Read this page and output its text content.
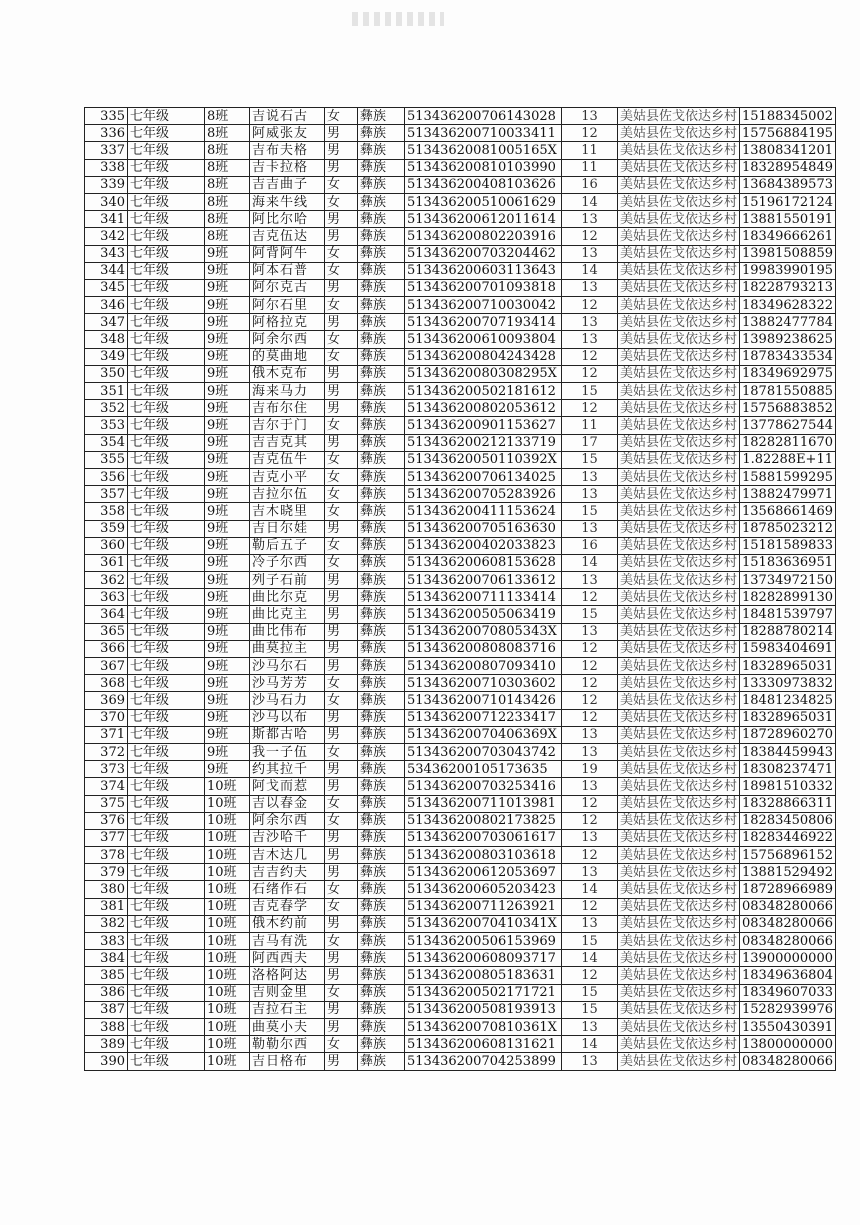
335	七年级	8班	吉说石古	女	彝族	513436200706143028	13	美姑县佐戈依达乡村	15188345002
336	七年级	8班	阿威张友	男	彝族	513436200710033411	12	美姑县佐戈依达乡村	15756884195
337	七年级	8班	吉布夫格	男	彝族	51343620081005165X	11	美姑县佐戈依达乡村	13808341201
338	七年级	8班	吉卡拉格	男	彝族	513436200810103990	11	美姑县佐戈依达乡村	18328954849
339	七年级	8班	吉吉曲子	女	彝族	513436200408103626	16	美姑县佐戈依达乡村	13684389573
340	七年级	8班	海来牛线	女	彝族	513436200510061629	14	美姑县佐戈依达乡村	15196172124
341	七年级	8班	阿比尔哈	男	彝族	513436200612011614	13	美姑县佐戈依达乡村	13881550191
342	七年级	8班	吉克伍达	男	彝族	513436200802203916	12	美姑县佐戈依达乡村	18349666261
343	七年级	9班	阿背阿牛	女	彝族	513436200703204462	13	美姑县佐戈依达乡村	13981508859
344	七年级	9班	阿本石普	女	彝族	513436200603113643	14	美姑县佐戈依达乡村	19983990195
345	七年级	9班	阿尔克古	男	彝族	513436200701093818	13	美姑县佐戈依达乡村	18228793213
346	七年级	9班	阿尔石里	女	彝族	513436200710030042	12	美姑县佐戈依达乡村	18349628322
347	七年级	9班	阿格拉克	男	彝族	513436200707193414	13	美姑县佐戈依达乡村	13882477784
348	七年级	9班	阿余尔西	女	彝族	513436200610093804	13	美姑县佐戈依达乡村	13989238625
349	七年级	9班	的莫曲地	女	彝族	513436200804243428	12	美姑县佐戈依达乡村	18783433534
350	七年级	9班	俄木克布	男	彝族	51343620080308295X	12	美姑县佐戈依达乡村	18349692975
351	七年级	9班	海来马力	男	彝族	513436200502181612	15	美姑县佐戈依达乡村	18781550885
352	七年级	9班	吉布尔住	男	彝族	513436200802053612	12	美姑县佐戈依达乡村	15756883852
353	七年级	9班	吉尔于门	女	彝族	513436200901153627	11	美姑县佐戈依达乡村	13778627544
354	七年级	9班	吉吉克其	男	彝族	513436200212133719	17	美姑县佐戈依达乡村	18282811670
355	七年级	9班	吉克伍牛	女	彝族	51343620050110392X	15	美姑县佐戈依达乡村	1.82288E+11
356	七年级	9班	吉克小平	女	彝族	513436200706134025	13	美姑县佐戈依达乡村	15881599295
357	七年级	9班	吉拉尔伍	女	彝族	513436200705283926	13	美姑县佐戈依达乡村	13882479971
358	七年级	9班	吉木晓里	女	彝族	513436200411153624	15	美姑县佐戈依达乡村	13568661469
359	七年级	9班	吉日尔娃	男	彝族	513436200705163630	13	美姑县佐戈依达乡村	18785023212
360	七年级	9班	勒后五子	女	彝族	513436200402033823	16	美姑县佐戈依达乡村	15181589833
361	七年级	9班	冷子尔西	女	彝族	513436200608153628	14	美姑县佐戈依达乡村	15183636951
362	七年级	9班	列子石前	男	彝族	513436200706133612	13	美姑县佐戈依达乡村	13734972150
363	七年级	9班	曲比尔克	男	彝族	513436200711133414	12	美姑县佐戈依达乡村	18282899130
364	七年级	9班	曲比克主	男	彝族	513436200505063419	15	美姑县佐戈依达乡村	18481539797
365	七年级	9班	曲比伟布	男	彝族	51343620070805343X	13	美姑县佐戈依达乡村	18288780214
366	七年级	9班	曲莫拉主	男	彝族	513436200808083716	12	美姑县佐戈依达乡村	15983404691
367	七年级	9班	沙马尔石	男	彝族	513436200807093410	12	美姑县佐戈依达乡村	18328965031
368	七年级	9班	沙马芳芳	女	彝族	513436200710303602	12	美姑县佐戈依达乡村	13330973832
369	七年级	9班	沙马石力	女	彝族	513436200710143426	12	美姑县佐戈依达乡村	18481234825
370	七年级	9班	沙马以布	男	彝族	513436200712233417	12	美姑县佐戈依达乡村	18328965031
371	七年级	9班	斯都古哈	男	彝族	51343620070406369X	13	美姑县佐戈依达乡村	18728960270
372	七年级	9班	我一子伍	女	彝族	513436200703043742	13	美姑县佐戈依达乡村	18384459943
373	七年级	9班	约其拉千	男	彝族	53436200105173635	19	美姑县佐戈依达乡村	18308237471
374	七年级	10班	阿戈而惹	男	彝族	513436200703253416	13	美姑县佐戈依达乡村	18981510332
375	七年级	10班	吉以春金	女	彝族	513436200711013981	12	美姑县佐戈依达乡村	18328866311
376	七年级	10班	阿余尔西	女	彝族	513436200802173825	12	美姑县佐戈依达乡村	18283450806
377	七年级	10班	吉沙哈千	男	彝族	513436200703061617	13	美姑县佐戈依达乡村	18283446922
378	七年级	10班	吉木达几	男	彝族	513436200803103618	12	美姑县佐戈依达乡村	15756896152
379	七年级	10班	吉吉约夫	男	彝族	513436200612053697	13	美姑县佐戈依达乡村	13881529492
380	七年级	10班	石绪作石	女	彝族	513436200605203423	14	美姑县佐戈依达乡村	18728966989
381	七年级	10班	吉克春学	女	彝族	513436200711263921	12	美姑县佐戈依达乡村	08348280066
382	七年级	10班	俄木约前	男	彝族	51343620070410341X	13	美姑县佐戈依达乡村	08348280066
383	七年级	10班	吉马有洗	女	彝族	513436200506153969	15	美姑县佐戈依达乡村	08348280066
384	七年级	10班	阿西西夫	男	彝族	513436200608093717	14	美姑县佐戈依达乡村	13900000000
385	七年级	10班	洛格阿达	男	彝族	513436200805183631	12	美姑县佐戈依达乡村	18349636804
386	七年级	10班	吉则金里	女	彝族	513436200502171721	15	美姑县佐戈依达乡村	18349607033
387	七年级	10班	吉拉石主	男	彝族	513436200508193913	15	美姑县佐戈依达乡村	15282939976
388	七年级	10班	曲莫小夫	男	彝族	51343620070810361X	13	美姑县佐戈依达乡村	13550430391
389	七年级	10班	勒勒尔西	女	彝族	513436200608131621	14	美姑县佐戈依达乡村	13800000000
390	七年级	10班	吉日格布	男	彝族	513436200704253899	13	美姑县佐戈依达乡村	08348280066
